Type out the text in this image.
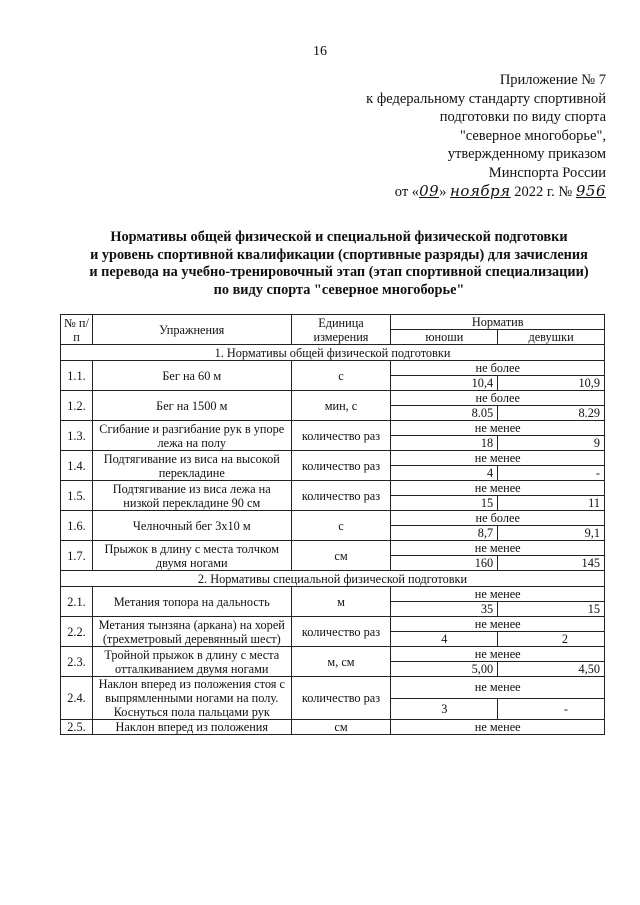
16
Приложение № 7
к федеральному стандарту спортивной
подготовки по виду спорта
"северное многоборье",
утвержденному приказом
Минспорта России
от «09» ноября 2022 г. № 956
Нормативы общей физической и специальной физической подготовки
и уровень спортивной квалификации (спортивные разряды) для зачисления
и перевода на учебно-тренировочный этап (этап спортивной специализации)
по виду спорта "северное многоборье"
№ п/п	Упражнения	Единица измерения	Норматив	
			юноши	девушки
1. Нормативы общей физической подготовки				
1.1.	Бег на 60 м	с	не более	
			10,4	10,9
1.2.	Бег на 1500 м	мин, с	не более	
			8.05	8.29
1.3.	Сгибание и разгибание рук в упоре лежа на полу	количество раз	не менее	
			18	9
1.4.	Подтягивание из виса на высокой перекладине	количество раз	не менее	
			4	-
1.5.	Подтягивание из виса лежа на низкой перекладине 90 см	количество раз	не менее	
			15	11
1.6.	Челночный бег 3х10 м	с	не более	
			8,7	9,1
1.7.	Прыжок в длину с места толчком двумя ногами	см	не менее	
			160	145
2. Нормативы специальной физической подготовки				
2.1.	Метания топора на дальность	м	не менее	
			35	15
2.2.	Метания тынзяна (аркана) на хорей (трехметровый деревянный шест)	количество раз	не менее	
			4	2
2.3.	Тройной прыжок в длину с места отталкиванием двумя ногами	м, см	не менее	
			5,00	4,50
2.4.	Наклон вперед из положения стоя с выпрямленными ногами на полу. Коснуться пола пальцами рук	количество раз	не менее	
			3	-
2.5.	Наклон вперед из положения	см	не менее	
